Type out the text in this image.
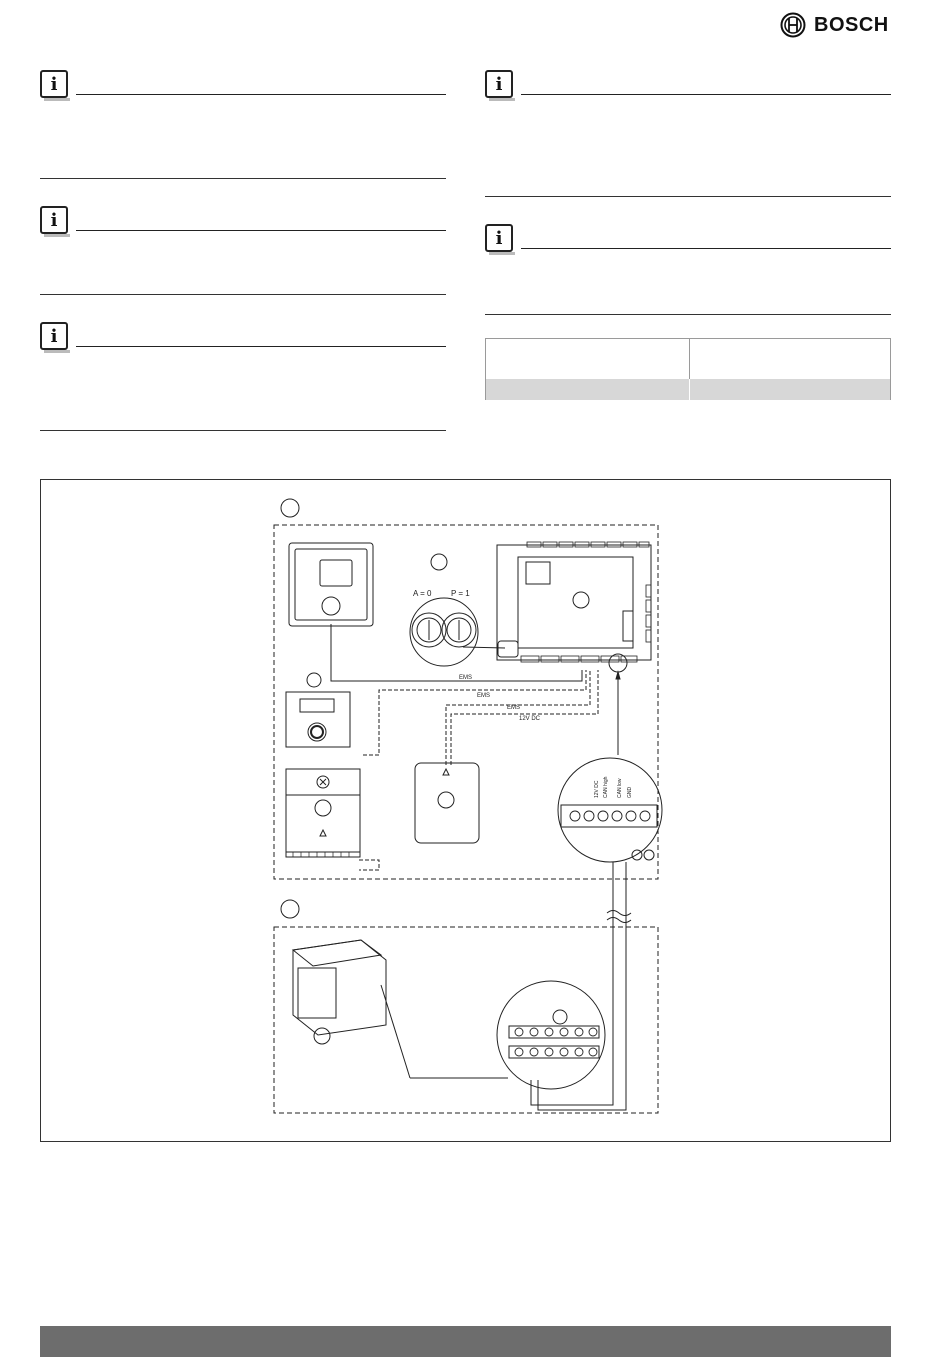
BOSCH
i
i
i
i
i
EMS
EMS
EMS
12V DC
A = 0 P = 1
12V DC CAN high CAN low GND
